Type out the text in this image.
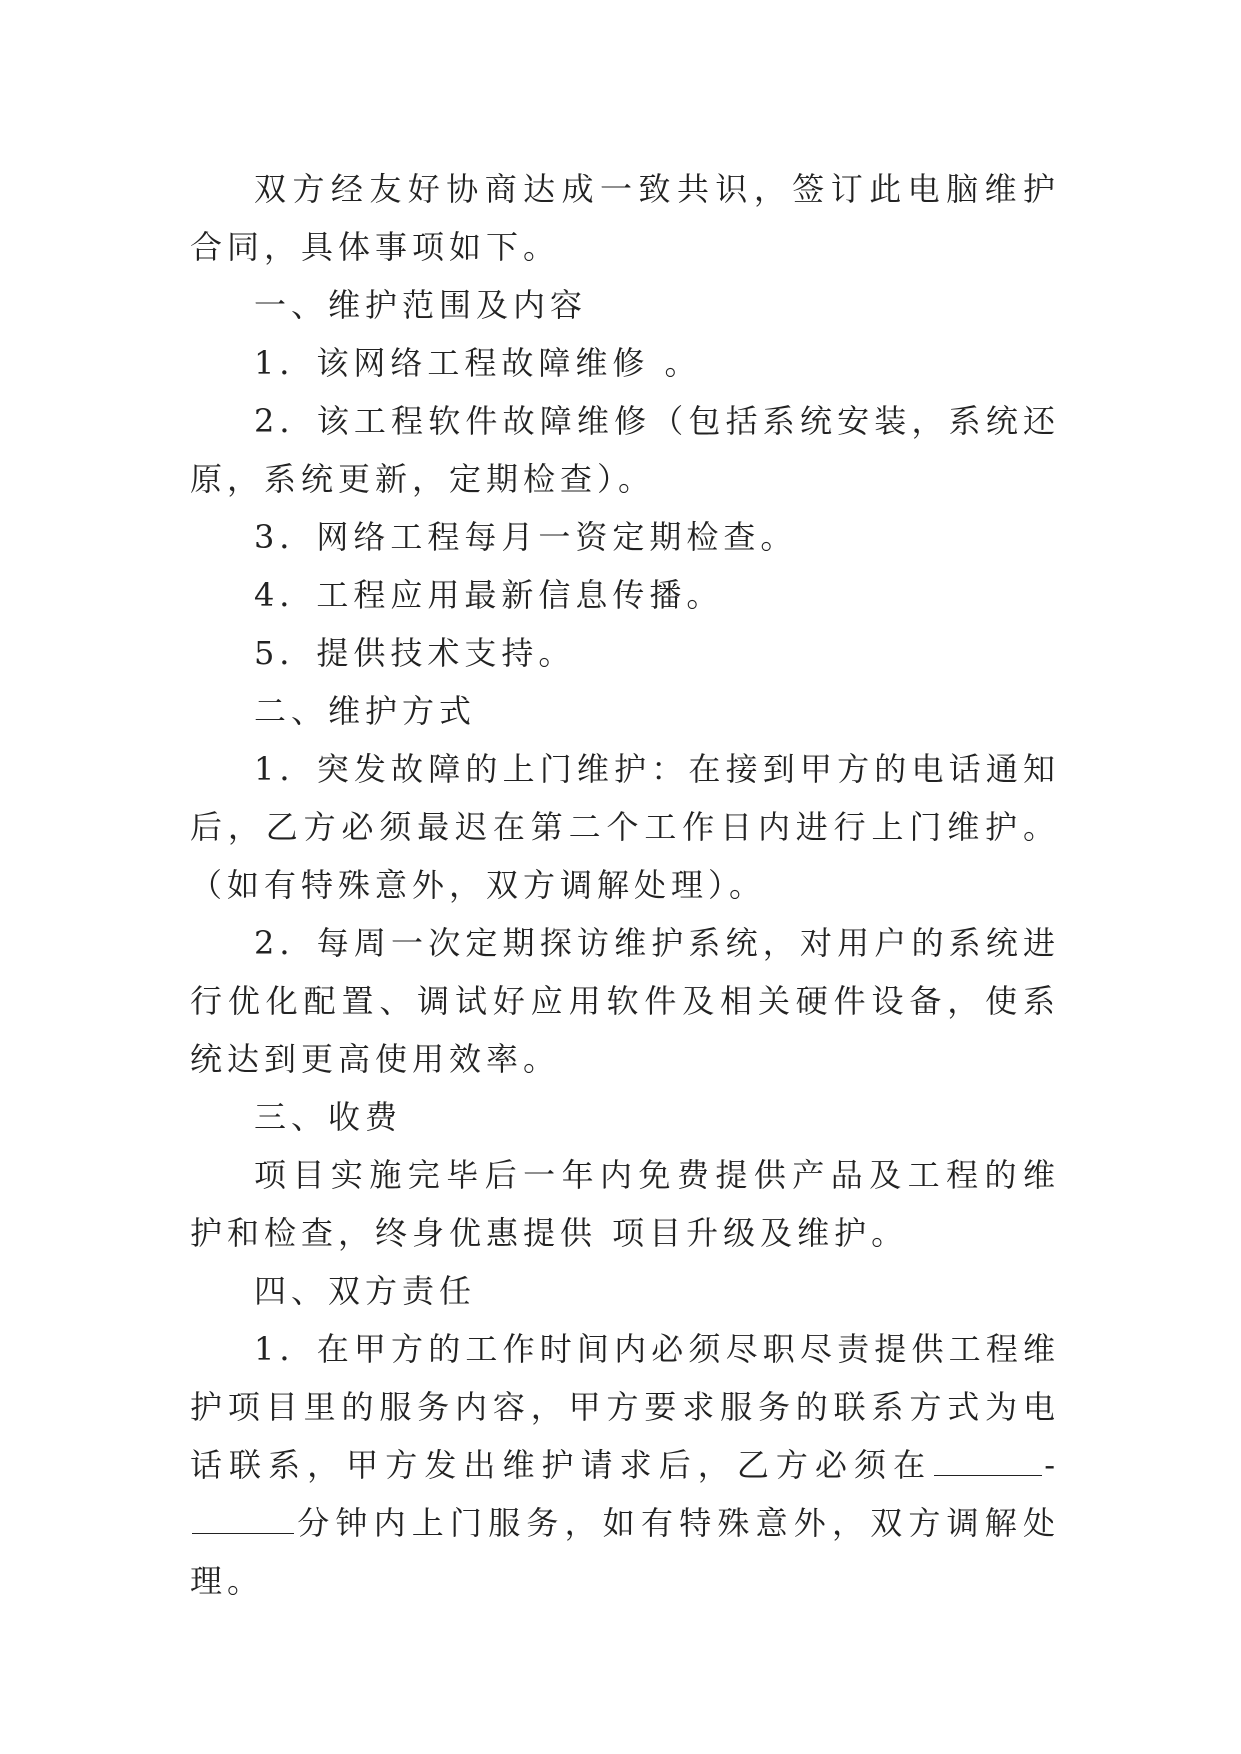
双方经友好协商达成一致共识，签订此电脑维护合同，具体事项如下。

一、维护范围及内容

1．该网络工程故障维修 。

2．该工程软件故障维修（包括系统安装，系统还原，系统更新，定期检查）。

3．网络工程每月一资定期检查。

4．工程应用最新信息传播。

5．提供技术支持。

二、维护方式

1．突发故障的上门维护：在接到甲方的电话通知后，乙方必须最迟在第二个工作日内进行上门维护。（如有特殊意外，双方调解处理）。

2．每周一次定期探访维护系统，对用户的系统进行优化配置、调试好应用软件及相关硬件设备，使系统达到更高使用效率。

三、收费

项目实施完毕后一年内免费提供产品及工程的维护和检查，终身优惠提供 项目升级及维护。

四、双方责任

1．在甲方的工作时间内必须尽职尽责提供工程维护项目里的服务内容，甲方要求服务的联系方式为电话联系，甲方发出维护请求后，乙方必须在	-分钟内上门服务，如有特殊意外，双方调解处理。
